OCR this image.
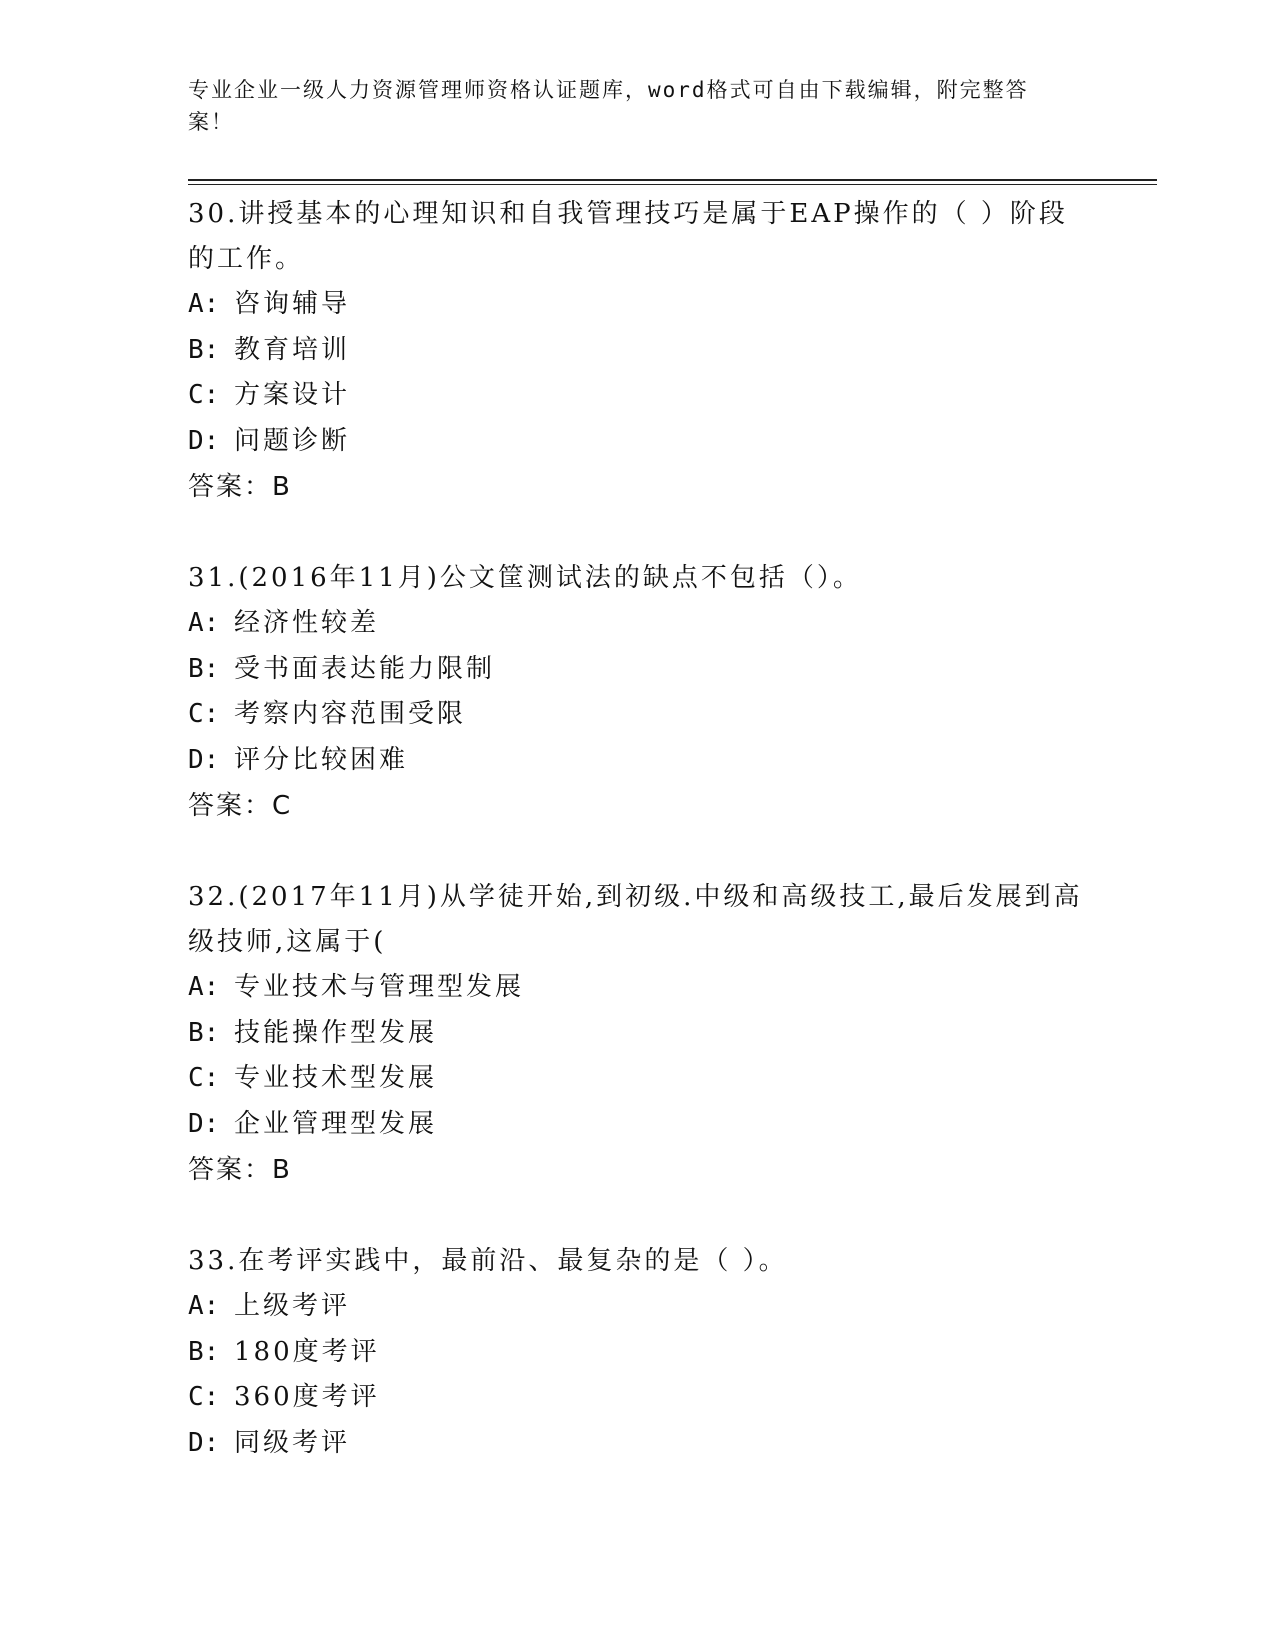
专业企业一级人力资源管理师资格认证题库，word格式可自由下载编辑，附完整答案！
30.讲授基本的心理知识和自我管理技巧是属于EAP操作的（ ）阶段的工作。
A: 咨询辅导
B: 教育培训
C: 方案设计
D: 问题诊断
答案：B
31.(2016年11月)公文筐测试法的缺点不包括（）。
A: 经济性较差
B: 受书面表达能力限制
C: 考察内容范围受限
D: 评分比较困难
答案：C
32.(2017年11月)从学徒开始,到初级.中级和高级技工,最后发展到高级技师,这属于(
A: 专业技术与管理型发展
B: 技能操作型发展
C: 专业技术型发展
D: 企业管理型发展
答案：B
33.在考评实践中，最前沿、最复杂的是（ ）。
A: 上级考评
B: 180度考评
C: 360度考评
D: 同级考评
